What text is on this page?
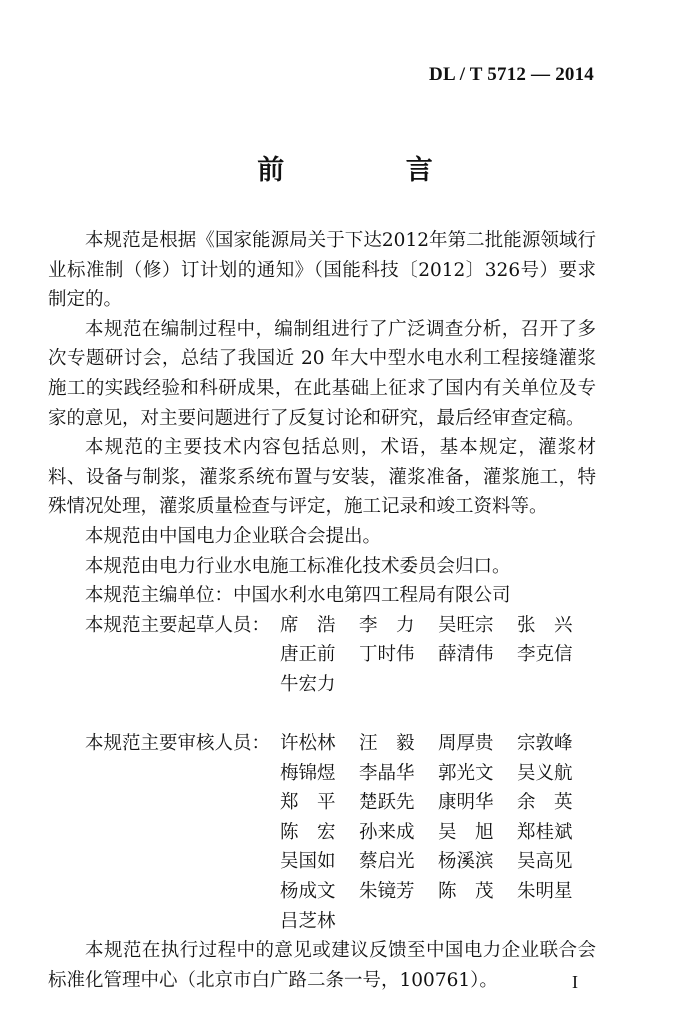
DL / T 5712 — 2014
前 言

本规范是根据《国家能源局关于下达2012年第二批能源领域行业标准制（修）订计划的通知》（国能科技〔2012〕326号）要求制定的。

本规范在编制过程中，编制组进行了广泛调查分析，召开了多次专题研讨会，总结了我国近 20 年大中型水电水利工程接缝灌浆施工的实践经验和科研成果，在此基础上征求了国内有关单位及专家的意见，对主要问题进行了反复讨论和研究，最后经审查定稿。

本规范的主要技术内容包括总则，术语，基本规定，灌浆材料、设备与制浆，灌浆系统布置与安装，灌浆准备，灌浆施工，特殊情况处理，灌浆质量检查与评定，施工记录和竣工资料等。

本规范由中国电力企业联合会提出。

本规范由电力行业水电施工标准化技术委员会归口。

本规范主编单位：中国水利水电第四工程局有限公司

本规范主要起草人员： 席浩 李力 吴旺宗	张兴
唐正前	丁时伟	薛清伟	李克信
牛宏力
本规范主要审核人员： 许松林	汪毅 周厚贵	宗敦峰
梅锦煜	李晶华	郭光文	吴义航
郑平 楚跃先	康明华	余英
陈宏 孙来成	吴旭 郑桂斌
吴国如	蔡启光	杨溪滨	吴高见
杨成文	朱镜芳	陈茂 朱明星
吕芝林

本规范在执行过程中的意见或建议反馈至中国电力企业联合会标准化管理中心（北京市白广路二条一号，100761）。	I
